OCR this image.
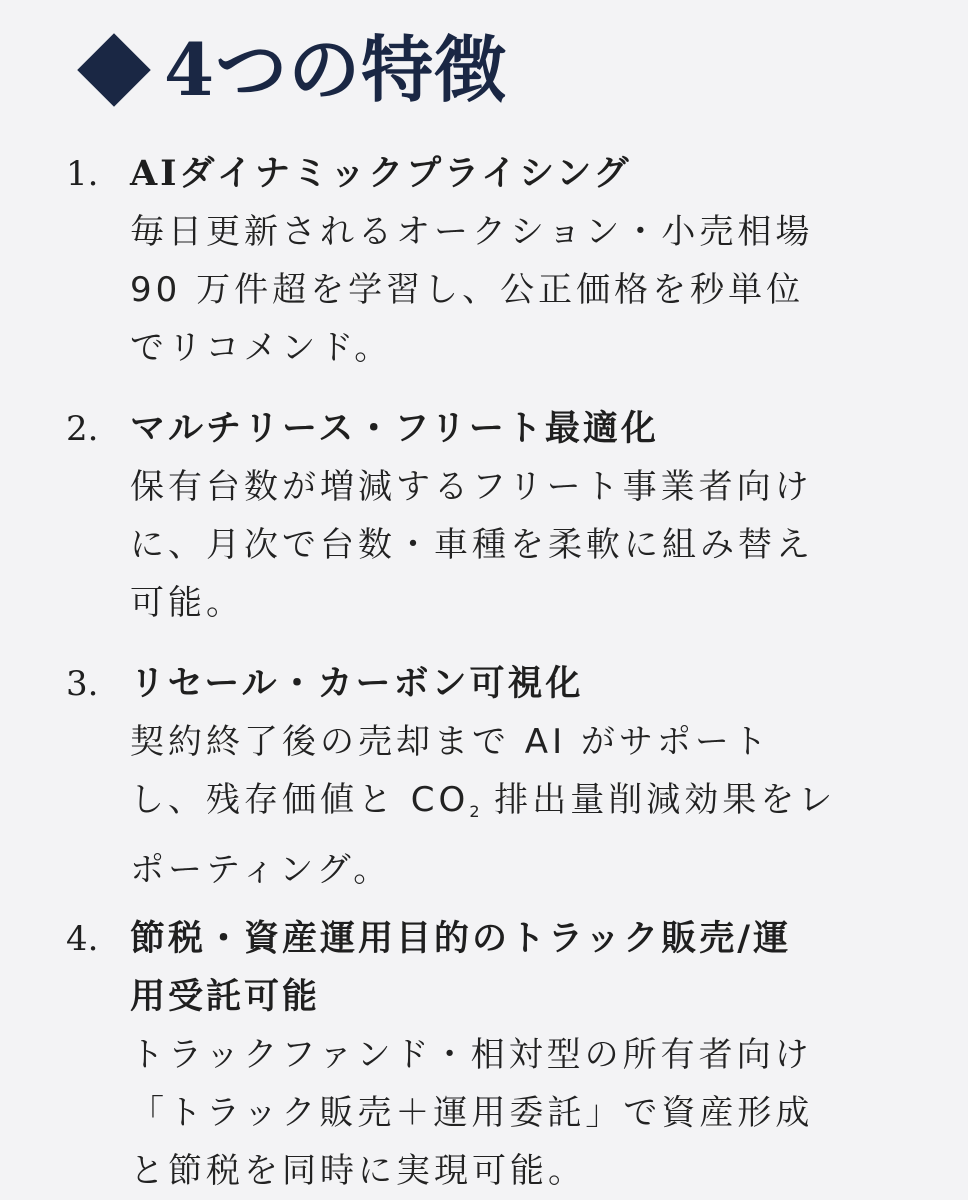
4つの特徴
1. AIダイナミックプライシング
毎日更新されるオークション・小売相場
90 万件超を学習し、公正価格を秒単位
でリコメンド。
2. マルチリース・フリート最適化
保有台数が増減するフリート事業者向け
に、月次で台数・車種を柔軟に組み替え
可能。
3. リセール・カーボン可視化
契約終了後の売却まで AI がサポート
し、残存価値と $CO_2$ 排出量削減効果をレ
ポーティング。
4. 節税・資産運用目的のトラック販売/運
用受託可能
トラックファンド・相対型の所有者向け
「トラック販売＋運用委託」で資産形成
と節税を同時に実現可能。
